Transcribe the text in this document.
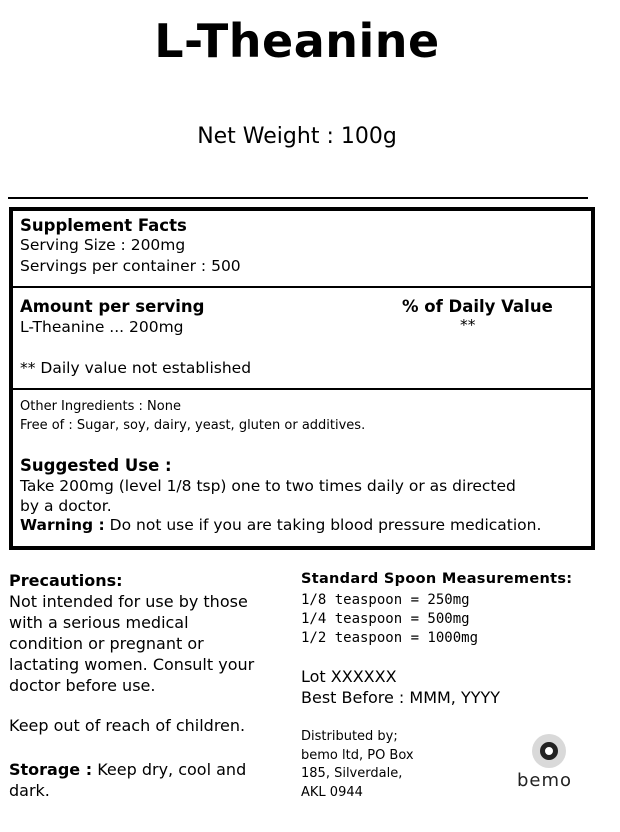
L-Theanine
Net Weight : 100g
Supplement Facts
Serving Size : 200mg
Servings per container : 500
Amount per serving	% of Daily Value
L-Theanine ... 200mg	**
** Daily value not established
Other Ingredients : None
Free of : Sugar, soy, dairy, yeast, gluten or additives.
Suggested Use :
Take 200mg (level 1/8 tsp) one to two times daily or as directed
by a doctor.
Warning : Do not use if you are taking blood pressure medication.
Precautions:
Not intended for use by those
with a serious medical
condition or pregnant or
lactating women. Consult your
doctor before use.
Keep out of reach of children.
Storage : Keep dry, cool and
dark.
Standard Spoon Measurements:
1/8 teaspoon = 250mg
1/4 teaspoon = 500mg
1/2 teaspoon = 1000mg
Lot XXXXXX
Best Before : MMM, YYYY
Distributed by;
bemo ltd, PO Box
185, Silverdale,
AKL 0944
bemo
